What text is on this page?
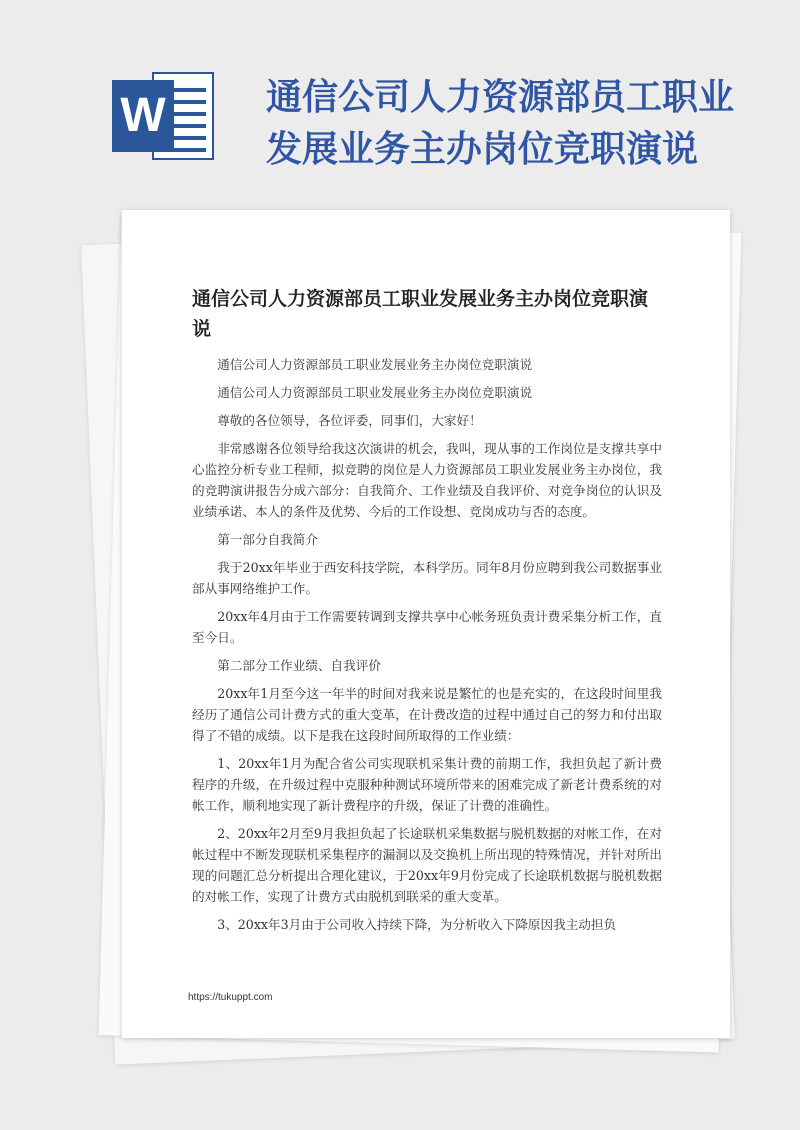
W	通信公司人力资源部员工职业
发展业务主办岗位竞职演说
通信公司人力资源部员工职业发展业务主办岗位竞职演说

通信公司人力资源部员工职业发展业务主办岗位竞职演说

通信公司人力资源部员工职业发展业务主办岗位竞职演说

尊敬的各位领导，各位评委，同事们，大家好！

非常感谢各位领导给我这次演讲的机会，我叫，现从事的工作岗位是支撑共享中心监控分析专业工程师，拟竞聘的岗位是人力资源部员工职业发展业务主办岗位，我的竞聘演讲报告分成六部分：自我简介、工作业绩及自我评价、对竞争岗位的认识及业绩承诺、本人的条件及优势、今后的工作设想、竞岗成功与否的态度。

第一部分自我简介

我于20xx年毕业于西安科技学院，本科学历。同年8月份应聘到我公司数据事业部从事网络维护工作。

20xx年4月由于工作需要转调到支撑共享中心帐务班负责计费采集分析工作，直至今日。

第二部分工作业绩、自我评价

20xx年1月至今这一年半的时间对我来说是繁忙的也是充实的，在这段时间里我经历了通信公司计费方式的重大变革，在计费改造的过程中通过自己的努力和付出取得了不错的成绩。以下是我在这段时间所取得的工作业绩：

1、20xx年1月为配合省公司实现联机采集计费的前期工作，我担负起了新计费程序的升级，在升级过程中克服种种测试环境所带来的困难完成了新老计费系统的对帐工作，顺利地实现了新计费程序的升级，保证了计费的准确性。

2、20xx年2月至9月我担负起了长途联机采集数据与脱机数据的对帐工作，在对帐过程中不断发现联机采集程序的漏洞以及交换机上所出现的特殊情况，并针对所出现的问题汇总分析提出合理化建议，于20xx年9月份完成了长途联机数据与脱机数据的对帐工作，实现了计费方式由脱机到联采的重大变革。

3、20xx年3月由于公司收入持续下降，为分析收入下降原因我主动担负

https://tukuppt.com
